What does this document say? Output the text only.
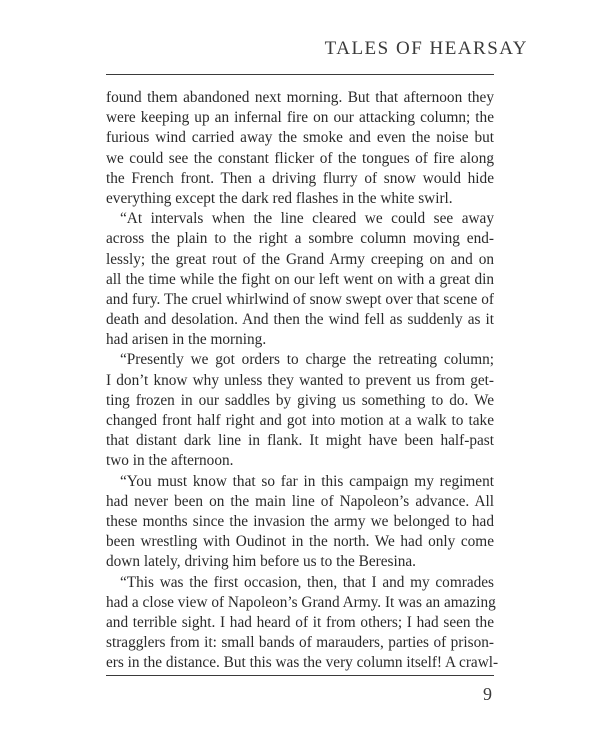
TALES OF HEARSAY
found them abandoned next morning. But that afternoon they
were keeping up an infernal fire on our attacking column; the
furious wind carried away the smoke and even the noise but
we could see the constant flicker of the tongues of fire along
the French front. Then a driving flurry of snow would hide
everything except the dark red flashes in the white swirl.
“At intervals when the line cleared we could see away
across the plain to the right a sombre column moving end-
lessly; the great rout of the Grand Army creeping on and on
all the time while the fight on our left went on with a great din
and fury. The cruel whirlwind of snow swept over that scene of
death and desolation. And then the wind fell as suddenly as it
had arisen in the morning.
“Presently we got orders to charge the retreating column;
I don’t know why unless they wanted to prevent us from get-
ting frozen in our saddles by giving us something to do. We
changed front half right and got into motion at a walk to take
that distant dark line in flank. It might have been half-past
two in the afternoon.
“You must know that so far in this campaign my regiment
had never been on the main line of Napoleon’s advance. All
these months since the invasion the army we belonged to had
been wrestling with Oudinot in the north. We had only come
down lately, driving him before us to the Beresina.
“This was the first occasion, then, that I and my comrades
had a close view of Napoleon’s Grand Army. It was an amazing
and terrible sight. I had heard of it from others; I had seen the
stragglers from it: small bands of marauders, parties of prison-
ers in the distance. But this was the very column itself! A crawl-
9
